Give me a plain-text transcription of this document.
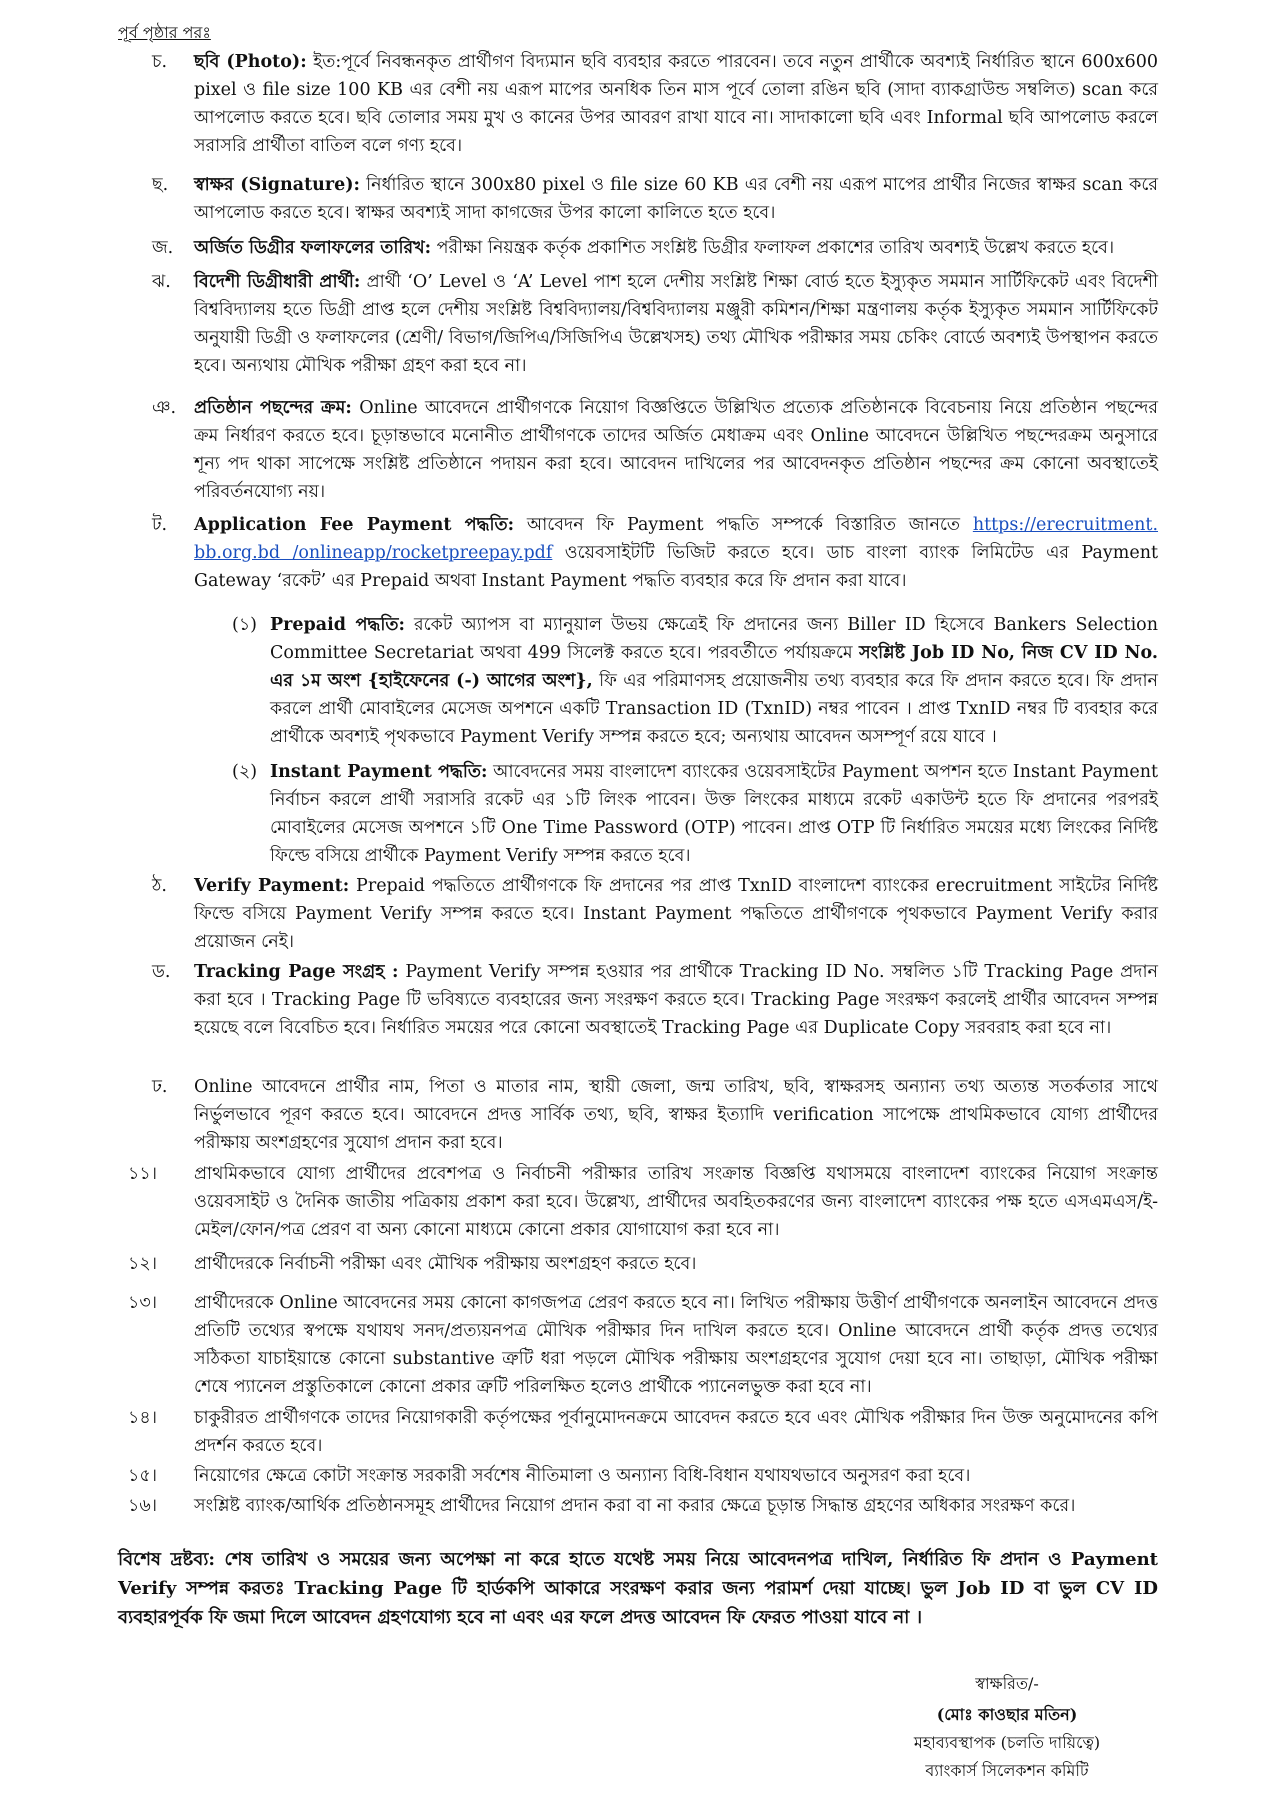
পূর্ব পৃষ্ঠার পরঃ
চ.	ছবি (Photo): ইত:পূর্বে নিবন্ধনকৃত প্রার্থীগণ বিদ্যমান ছবি ব্যবহার করতে পারবেন। তবে নতুন প্রার্থীকে অবশ্যই নির্ধারিত স্থানে 600x600 pixel ও file size 100 KB এর বেশী নয় এরূপ মাপের অনধিক তিন মাস পূর্বে তোলা রঙিন ছবি (সাদা ব্যাকগ্রাউন্ড সম্বলিত) scan করে আপলোড করতে হবে। ছবি তোলার সময় মুখ ও কানের উপর আবরণ রাখা যাবে না। সাদাকালো ছবি এবং Informal ছবি আপলোড করলে সরাসরি প্রার্থীতা বাতিল বলে গণ্য হবে।
ছ.	স্বাক্ষর (Signature): নির্ধারিত স্থানে 300x80 pixel ও file size 60 KB এর বেশী নয় এরূপ মাপের প্রার্থীর নিজের স্বাক্ষর scan করে আপলোড করতে হবে। স্বাক্ষর অবশ্যই সাদা কাগজের উপর কালো কালিতে হতে হবে।
জ.	অর্জিত ডিগ্রীর ফলাফলের তারিখ: পরীক্ষা নিয়ন্ত্রক কর্তৃক প্রকাশিত সংশ্লিষ্ট ডিগ্রীর ফলাফল প্রকাশের তারিখ অবশ্যই উল্লেখ করতে হবে।
ঝ.	বিদেশী ডিগ্রীধারী প্রার্থী: প্রার্থী ‘O’ Level ও ‘A’ Level পাশ হলে দেশীয় সংশ্লিষ্ট শিক্ষা বোর্ড হতে ইস্যুকৃত সমমান সার্টিফিকেট এবং বিদেশী বিশ্ববিদ্যালয় হতে ডিগ্রী প্রাপ্ত হলে দেশীয় সংশ্লিষ্ট বিশ্ববিদ্যালয়/বিশ্ববিদ্যালয় মঞ্জুরী কমিশন/শিক্ষা মন্ত্রণালয় কর্তৃক ইস্যুকৃত সমমান সার্টিফিকেট অনুযায়ী ডিগ্রী ও ফলাফলের (শ্রেণী/ বিভাগ/জিপিএ/সিজিপিএ উল্লেখসহ) তথ্য মৌখিক পরীক্ষার সময় চেকিং বোর্ডে অবশ্যই উপস্থাপন করতে হবে। অন্যথায় মৌখিক পরীক্ষা গ্রহণ করা হবে না।
ঞ.	প্রতিষ্ঠান পছন্দের ক্রম: Online আবেদনে প্রার্থীগণকে নিয়োগ বিজ্ঞপ্তিতে উল্লিখিত প্রত্যেক প্রতিষ্ঠানকে বিবেচনায় নিয়ে প্রতিষ্ঠান পছন্দের ক্রম নির্ধারণ করতে হবে। চূড়ান্তভাবে মনোনীত প্রার্থীগণকে তাদের অর্জিত মেধাক্রম এবং Online আবেদনে উল্লিখিত পছন্দেরক্রম অনুসারে শূন্য পদ থাকা সাপেক্ষে সংশ্লিষ্ট প্রতিষ্ঠানে পদায়ন করা হবে। আবেদন দাখিলের পর আবেদনকৃত প্রতিষ্ঠান পছন্দের ক্রম কোনো অবস্থাতেই পরিবর্তনযোগ্য নয়।
ট.	Application Fee Payment পদ্ধতি: আবেদন ফি Payment পদ্ধতি সম্পর্কে বিস্তারিত জানতে https://erecruitment. bb.org.bd /onlineapp/rocketpreepay.pdf ওয়েবসাইটটি ভিজিট করতে হবে। ডাচ বাংলা ব্যাংক লিমিটেড এর Payment Gateway ‘রকেট’ এর Prepaid অথবা Instant Payment পদ্ধতি ব্যবহার করে ফি প্রদান করা যাবে।
(১) Prepaid পদ্ধতি: রকেট অ্যাপস বা ম্যানুয়াল উভয় ক্ষেত্রেই ফি প্রদানের জন্য Biller ID হিসেবে Bankers Selection Committee Secretariat অথবা 499 সিলেক্ট করতে হবে। পরবর্তীতে পর্যায়ক্রমে সংশ্লিষ্ট Job ID No, নিজ CV ID No. এর ১ম অংশ {হাইফেনের (-) আগের অংশ}, ফি এর পরিমাণসহ প্রয়োজনীয় তথ্য ব্যবহার করে ফি প্রদান করতে হবে। ফি প্রদান করলে প্রার্থী মোবাইলের মেসেজ অপশনে একটি Transaction ID (TxnID) নম্বর পাবেন । প্রাপ্ত TxnID নম্বর টি ব্যবহার করে প্রার্থীকে অবশ্যই পৃথকভাবে Payment Verify সম্পন্ন করতে হবে; অন্যথায় আবেদন অসম্পূর্ণ রয়ে যাবে ।
(২) Instant Payment পদ্ধতি: আবেদনের সময় বাংলাদেশ ব্যাংকের ওয়েবসাইটের Payment অপশন হতে Instant Payment নির্বাচন করলে প্রার্থী সরাসরি রকেট এর ১টি লিংক পাবেন। উক্ত লিংকের মাধ্যমে রকেট একাউন্ট হতে ফি প্রদানের পরপরই মোবাইলের মেসেজ অপশনে ১টি One Time Password (OTP) পাবেন। প্রাপ্ত OTP টি নির্ধারিত সময়ের মধ্যে লিংকের নির্দিষ্ট ফিল্ডে বসিয়ে প্রার্থীকে Payment Verify সম্পন্ন করতে হবে।
ঠ.	Verify Payment: Prepaid পদ্ধতিতে প্রার্থীগণকে ফি প্রদানের পর প্রাপ্ত TxnID বাংলাদেশ ব্যাংকের erecruitment সাইটের নির্দিষ্ট ফিল্ডে বসিয়ে Payment Verify সম্পন্ন করতে হবে। Instant Payment পদ্ধতিতে প্রার্থীগণকে পৃথকভাবে Payment Verify করার প্রয়োজন নেই।
ড.	Tracking Page সংগ্রহ : Payment Verify সম্পন্ন হওয়ার পর প্রার্থীকে Tracking ID No. সম্বলিত ১টি Tracking Page প্রদান করা হবে । Tracking Page টি ভবিষ্যতে ব্যবহারের জন্য সংরক্ষণ করতে হবে। Tracking Page সংরক্ষণ করলেই প্রার্থীর আবেদন সম্পন্ন হয়েছে বলে বিবেচিত হবে। নির্ধারিত সময়ের পরে কোনো অবস্থাতেই Tracking Page এর Duplicate Copy সরবরাহ করা হবে না।
ঢ.	Online আবেদনে প্রার্থীর নাম, পিতা ও মাতার নাম, স্থায়ী জেলা, জন্ম তারিখ, ছবি, স্বাক্ষরসহ অন্যান্য তথ্য অত্যন্ত সতর্কতার সাথে নির্ভুলভাবে পূরণ করতে হবে। আবেদনে প্রদত্ত সার্বিক তথ্য, ছবি, স্বাক্ষর ইত্যাদি verification সাপেক্ষে প্রাথমিকভাবে যোগ্য প্রার্থীদের পরীক্ষায় অংশগ্রহণের সুযোগ প্রদান করা হবে।
১১।	প্রাথমিকভাবে যোগ্য প্রার্থীদের প্রবেশপত্র ও নির্বাচনী পরীক্ষার তারিখ সংক্রান্ত বিজ্ঞপ্তি যথাসময়ে বাংলাদেশ ব্যাংকের নিয়োগ সংক্রান্ত ওয়েবসাইট ও দৈনিক জাতীয় পত্রিকায় প্রকাশ করা হবে। উল্লেখ্য, প্রার্থীদের অবহিতকরণের জন্য বাংলাদেশ ব্যাংকের পক্ষ হতে এসএমএস/ই-মেইল/ফোন/পত্র প্রেরণ বা অন্য কোনো মাধ্যমে কোনো প্রকার যোগাযোগ করা হবে না।
১২।	প্রার্থীদেরকে নির্বাচনী পরীক্ষা এবং মৌখিক পরীক্ষায় অংশগ্রহণ করতে হবে।
১৩।	প্রার্থীদেরকে Online আবেদনের সময় কোনো কাগজপত্র প্রেরণ করতে হবে না। লিখিত পরীক্ষায় উত্তীর্ণ প্রার্থীগণকে অনলাইন আবেদনে প্রদত্ত প্রতিটি তথ্যের স্বপক্ষে যথাযথ সনদ/প্রত্যয়নপত্র মৌখিক পরীক্ষার দিন দাখিল করতে হবে। Online আবেদনে প্রার্থী কর্তৃক প্রদত্ত তথ্যের সঠিকতা যাচাইয়ান্তে কোনো substantive ত্রুটি ধরা পড়লে মৌখিক পরীক্ষায় অংশগ্রহণের সুযোগ দেয়া হবে না। তাছাড়া, মৌখিক পরীক্ষা শেষে প্যানেল প্রস্তুতিকালে কোনো প্রকার ত্রুটি পরিলক্ষিত হলেও প্রার্থীকে প্যানেলভুক্ত করা হবে না।
১৪।	চাকুরীরত প্রার্থীগণকে তাদের নিয়োগকারী কর্তৃপক্ষের পূর্বানুমোদনক্রমে আবেদন করতে হবে এবং মৌখিক পরীক্ষার দিন উক্ত অনুমোদনের কপি প্রদর্শন করতে হবে।
১৫।	নিয়োগের ক্ষেত্রে কোটা সংক্রান্ত সরকারী সর্বশেষ নীতিমালা ও অন্যান্য বিধি-বিধান যথাযথভাবে অনুসরণ করা হবে।
১৬।	সংশ্লিষ্ট ব্যাংক/আর্থিক প্রতিষ্ঠানসমূহ প্রার্থীদের নিয়োগ প্রদান করা বা না করার ক্ষেত্রে চূড়ান্ত সিদ্ধান্ত গ্রহণের অধিকার সংরক্ষণ করে।
বিশেষ দ্রষ্টব্য: শেষ তারিখ ও সময়ের জন্য অপেক্ষা না করে হাতে যথেষ্ট সময় নিয়ে আবেদনপত্র দাখিল, নির্ধারিত ফি প্রদান ও Payment Verify সম্পন্ন করতঃ Tracking Page টি হার্ডকপি আকারে সংরক্ষণ করার জন্য পরামর্শ দেয়া যাচ্ছে। ভুল Job ID বা ভুল CV ID ব্যবহারপূর্বক ফি জমা দিলে আবেদন গ্রহণযোগ্য হবে না এবং এর ফলে প্রদত্ত আবেদন ফি ফেরত পাওয়া যাবে না ।
স্বাক্ষরিত/-
(মোঃ কাওছার মতিন)
মহাব্যবস্থাপক (চলতি দায়িত্বে)
ব্যাংকার্স সিলেকশন কমিটি
